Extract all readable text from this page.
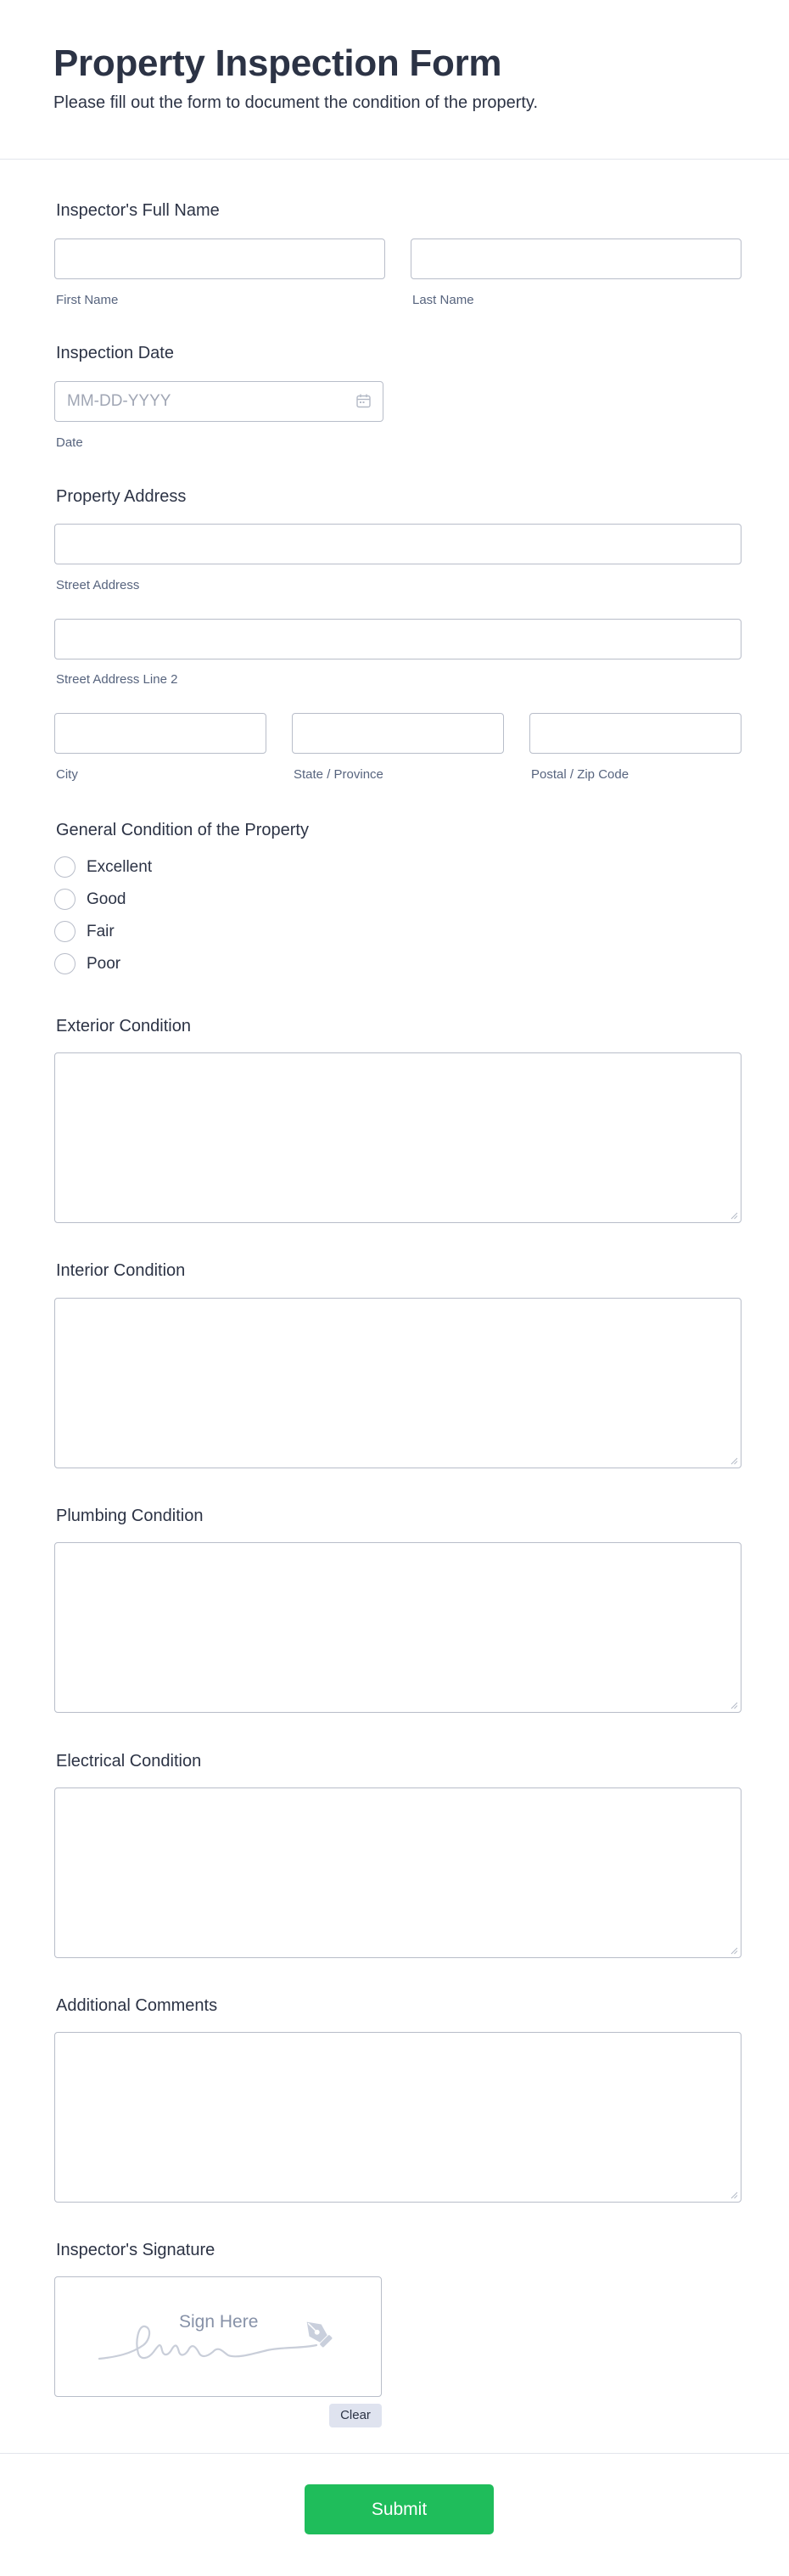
Property Inspection Form
Please fill out the form to document the condition of the property.
Inspector's Full Name
First Name	Last Name
Inspection Date
MM-DD-YYYY
Date
Property Address
Street Address
Street Address Line 2
City	State / Province	Postal / Zip Code
General Condition of the Property
Excellent
Good
Fair
Poor
Exterior Condition
Interior Condition
Plumbing Condition
Electrical Condition
Additional Comments
Inspector's Signature
Sign Here
Clear
Submit
